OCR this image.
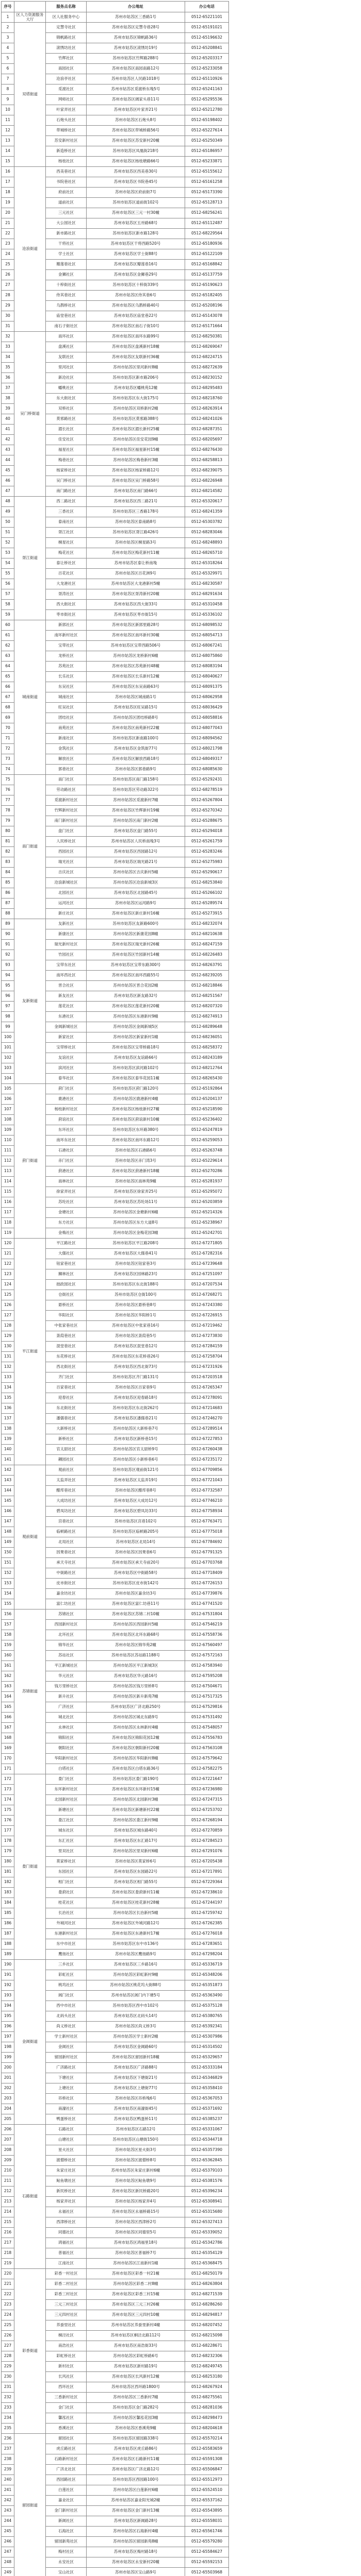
序号		服务点名称	办公地址	办公电话
1	区人力资源服务大厅	区人社服务中心	苏州市姑苏区三香路1号	0512-65221101
2	双塔街道	定慧寺社区	苏州市姑苏区定慧寺巷28号	0512-65191021
3		锦帆路社区	苏州市姑苏区锦帆路36号	0512-65196632
4		滚绣坊社区	苏州市姑苏区滚绣坊19号	0512-65208841
5		竹辉社区	苏州市姑苏区竹辉路288号	0512-65203317
6		南园社区	苏州市姑苏区南园南路12号	0512-65233058
7		沧浪亭社区	苏州市姑苏区人民路1018号	0512-65110926
8		觅渡社区	苏州市姑苏区觅渡桥东堍5号	0512-65241163
9		网师社区	苏州市姑苏区阔家头巷11号	0512-65295536
10		叶家弄社区	苏州市姑苏区叶家弄21号	0512-65212780
11		石炮头社区	苏州市姑苏区石炮头8号	0512-65198402
12		带城桥社区	苏州市姑苏区带城桥路56号	0512-65227614
13		苏安新村社区	苏州市姑苏区苏安新村20幢	0512-65250349
14		新造桥社区	苏州市姑苏区凤凰街218号	0512-65186957
15		杨枝社区	苏州市姑苏区杨枝塘路66号	0512-65233871
16	沧浪街道	西美巷社区	苏州市姑苏区西美巷30号	0512-65155612
17		书院巷社区	苏州市姑苏区书院巷45号	0512-65161258
18		府前社区	苏州市姑苏区府前街7号	0512-65173390
19		道前社区	苏州市姑苏区道前街102号	0512-65128713
20		三元社区	苏州市姑苏区三元一村30幢	0512-68256241
21		大公园社区	苏州市姑苏区五卅路68号	0512-65112487
22		新市路社区	苏州市姑苏区新市路128号	0512-68229564
23		干将社区	苏州市姑苏区干将西路520号	0512-65180936
24		学士社区	苏州市姑苏区学士街88号	0512-65122109
25		瓣莲巷社区	苏州市姑苏区瓣莲巷16号	0512-65168842
26		金狮社区	苏州市姑苏区金狮巷29号	0512-65137759
27		十梓街社区	苏州市姑苏区十梓街339号	0512-65190623
28		侍其巷社区	苏州市姑苏区侍其巷6号	0512-65182405
29		乌鹊桥社区	苏州市姑苏区乌鹊桥路40号	0512-65208196
30		庙堂巷社区	苏州市姑苏区庙堂巷22号	0512-65143078
31		南石子街社区	苏州市姑苏区南石子街10号	0512-65171664
32	吴门桥街道	南环社区	苏州市姑苏区南环东路99号	0512-68250381
33		盘溪社区	苏州市姑苏区盘溪新村18幢	0512-68269047
34		友联社区	苏州市姑苏区友联新村36幢	0512-68224715
35		里河社区	苏州市姑苏区里河新村8幢	0512-68272639
36		新沧社区	苏州市姑苏区新市路206号	0512-68230152
37		蟠桃社区	苏州市姑苏区蟠桃苑12幢	0512-68295483
38		东大街社区	苏州市姑苏区东大街175号	0512-68218760
39		双桥社区	苏州市姑苏区双桥新村2幢	0512-68263914
40		莫邪路社区	苏州市姑苏区莫邪路388号	0512-68241026
41		湄长社区	苏州市姑苏区湄长新村25幢	0512-68287351
42		佳安社区	苏州市姑苏区佳安花园9幢	0512-68205697
43		福星社区	苏州市姑苏区福星新村15幢	0512-68276430
44		梅巷社区	苏州市姑苏区梅巷新村3幢	0512-68258813
45		杨家桥社区	苏州市姑苏区杨家桥路12号	0512-68239075
46		吴门桥社区	苏州市姑苏区吴门桥路58号	0512-68226948
47		南门路社区	苏州市姑苏区南门路66号	0512-68214582
48	胥江街道	西二路社区	苏州市姑苏区西二路21号	0512-65320617
49		三香社区	苏州市姑苏区三香路178号	0512-68241359
50		泰南社区	苏州市姑苏区泰南路8号	0512-65303782
51		胥江社区	苏州市姑苏区胥江路426号	0512-68283046
52		桐星社区	苏州市姑苏区桐星路3号	0512-68248893
53		梅花社区	苏州市姑苏区梅花新村11幢	0512-68265710
54		泰让桥社区	苏州市姑苏区泰让桥南堍	0512-65318264
55		百花社区	苏州市姑苏区百花洲9号	0512-65329971
56		大龙港社区	苏州市姑苏区大龙港新村5幢	0512-68230587
57		胥涛社区	苏州市姑苏区胥涛新村20幢	0512-68291634
58		西大街社区	苏州市姑苏区西大街33号	0512-65310458
59		枣市街社区	苏州市姑苏区枣市街15号	0512-65336102
60	城南街道	新郭社区	苏州市姑苏区新郭里路28号	0512-68098532
61		南环新村社区	苏州市姑苏区南环新村30幢	0512-68054713
62		宝带社区	苏州市姑苏区宝带西路506号	0512-68067241
63		龙桥社区	苏州市姑苏区龙桥新村6幢	0512-68075860
64		苏苑社区	苏州市姑苏区苏苑新村48幢	0512-68083194
65		长乐社区	苏州市姑苏区长乐新村12幢	0512-68040627
66		东吴社区	苏州市姑苏区东吴南路63号	0512-68091375
67		城南社区	苏州市姑苏区城南路1号	0512-68062958
68		旺吴社区	苏州市姑苏区旺吴路15号	0512-68036429
69		团结社区	苏州市姑苏区团结桥路8号	0512-68058816
70		南苑社区	苏州市姑苏区南苑新村22幢	0512-68077043
71		新南社区	苏州市姑苏区新南路100号	0512-68094562
72		金筑社区	苏州市姑苏区金筑街77号	0512-68021798
73		解放社区	苏州市姑苏区解放西路18号	0512-68049317
74		郭巷社区	苏州市姑苏区郭巷路9号	0512-68085630
75	南门街道	南门社区	苏州市姑苏区南门路158号	0512-65292431
76		劳动路社区	苏州市姑苏区劳动路322号	0512-68278519
77		觅渡新村社区	苏州市姑苏区觅渡新村7幢	0512-65267804
78		竹辉新村社区	苏州市姑苏区竹辉新村19幢	0512-65270342
79		南门新村社区	苏州市姑苏区南门新村2幢	0512-65288675
80		盘门社区	苏州市姑苏区盘门路55号	0512-65294018
81		人民桥社区	苏州市姑苏区人民桥南堍3号	0512-65261759
82		西园社区	苏州市姑苏区西园路12号	0512-65283246
83		瑞光社区	苏州市姑苏区瑞光路21号	0512-65275983
84		吉庆社区	苏州市姑苏区吉庆新村5幢	0512-65290617
85		沧浪新城社区	苏州市姑苏区沧浪新城3区	0512-68253840
86		北园社区	苏州市姑苏区北园路45号	0512-65266102
87		运河社区	苏州市姑苏区运河路9号	0512-65289574
88		新庄社区	苏州市姑苏区新庄新村16幢	0512-65273915
89	友新街道	友新社区	苏州市姑苏区友新路600号	0512-68232074
90		新康社区	苏州市姑苏区新康花园8幢	0512-68210638
91		瑞光新村社区	苏州市姑苏区瑞光新村26幢	0512-68247159
92		竹园社区	苏州市姑苏区竹园新村14幢	0512-68226483
93		宝带东社区	苏州市姑苏区宝带东路300号	0512-68263791
94		南环西社区	苏州市姑苏区南环西路55号	0512-68239205
95		晋合社区	苏州市姑苏区晋合花园2幢	0512-68218846
96		新友社区	苏州市姑苏区新友路32号	0512-68251567
97		莲花社区	苏州市姑苏区莲花新村20幢	0512-68207320
98		东港社区	苏州市姑苏区东港新村9幢	0512-68274913
99		金阊新城社区	苏州市姑苏区金阊新城5区	0512-68289648
100		新家社区	苏州市姑苏区新家新村1幢	0512-68236051
101		宝带桥社区	苏州市姑苏区宝带桥路18号	0512-68258372
102		友谊社区	苏州市姑苏区友谊路66号	0512-68243189
103		滨河社区	苏州市姑苏区滨河路102号	0512-68212764
104		泰华社区	苏州市姑苏区泰华花园11幢	0512-68265430
105	葑门街道	葑门社区	苏州市姑苏区葑门路120号	0512-65192864
106		鹿港社区	苏州市姑苏区鹿港新村4幢	0512-65204137
107		杨枝新村社区	苏州市姑苏区杨枝新村27幢	0512-65218590
108		葑谊社区	苏州市姑苏区葑谊新村10幢	0512-65236402
109		东环社区	苏州市姑苏区东环路380号	0512-65247819
110		南环东社区	苏州市姑苏区南环东路12号	0512-65259053
111		石港社区	苏州市姑苏区石港路6号	0512-65263748
112		赤门社区	苏州市姑苏区赤门湾3号	0512-65229614
113		葑港社区	苏州市姑苏区葑港新村18幢	0512-65270286
114		南林社区	苏州市姑苏区南林苑9幢	0512-65281937
115		徐家弄社区	苏州市姑苏区徐家弄25号	0512-65295072
116		苏纶社区	苏州市姑苏区苏纶场11号	0512-65203859
117		金塘社区	苏州市姑苏区金塘新村6幢	0512-65214326
118		东方社区	苏州市姑苏区东方大道8号	0512-65238967
119		金梅社区	苏州市姑苏区金梅花园3幢	0512-65242701
120	平江街道	平江路社区	苏州市姑苏区平江路208号	0512-67271805
121		大儒社区	苏州市姑苏区大儒巷41号	0512-67282316
122		钮家巷社区	苏州市姑苏区钮家巷3号	0512-67239648
123		狮林社区	苏州市姑苏区园林路23号	0512-67251097
124		拙政园社区	苏州市姑苏区东北街188号	0512-67207534
125		仓街社区	苏州市姑苏区仓街100号	0512-67268271
126		悬桥社区	苏州市姑苏区悬桥巷8号	0512-67243380
127		华阳社区	苏州市姑苏区华阳桥1号	0512-67226915
128		中张家巷社区	苏州市姑苏区中张家巷16号	0512-67219462
129		菉葭巷社区	苏州市姑苏区菉葭巷5号	0512-67273830
130		混堂巷社区	苏州市姑苏区混堂巷12号	0512-67284159
131		东花桥社区	苏州市姑苏区东花桥巷26号	0512-67258704
132		西北街社区	苏州市姑苏区西北街73号	0512-67231926
133		齐门社区	苏州市姑苏区齐门路131号	0512-67203518
134		百家巷社区	苏州市姑苏区百家巷9号	0512-67265347
135		迎春社区	苏州市姑苏区迎春路18号	0512-67278091
136		东北街社区	苏州市姑苏区东北街262号	0512-67214683
137		潘儒巷社区	苏州市姑苏区潘儒巷21号	0512-67246270
138		大新桥社区	苏州市姑苏区大新桥巷7号	0512-67289514
139		新桥社区	苏州市姑苏区新桥巷15号	0512-67227853
140		官太尉社区	苏州市姑苏区官太尉桥9号	0512-67260438
141		耦园社区	苏州市姑苏区小新桥巷6号	0512-67235172
142	观前街道	观前社区	苏州市姑苏区观前街121号	0512-67709856
143		太监弄社区	苏州市姑苏区太监弄19号	0512-67721043
144		醋库巷社区	苏州市姑苏区醋库巷8号	0512-67732587
145		大成坊社区	苏州市姑苏区大成坊12号	0512-67746210
146		碧凤坊社区	苏州市姑苏区碧凤坊33号	0512-67758934
147		宫巷社区	苏州市姑苏区宫巷102号	0512-67763471
148		临顿路社区	苏州市姑苏区临顿路205号	0512-67775018
149		北局社区	苏州市姑苏区北局14号	0512-67784692
150		因果巷社区	苏州市姑苏区因果巷6号	0512-67791325
151		承天寺社区	苏州市姑苏区承天寺前20号	0512-67703768
152		中街路社区	苏州市姑苏区中街路58号	0512-67718409
153		皮市街社区	苏州市姑苏区皮市街142号	0512-67726153
154		嘉余坊社区	苏州市姑苏区嘉余坊3号	0512-67739876
155		富仁坊社区	苏州市姑苏区富仁坊巷11号	0512-67741520
156	苏锦街道	苏锦社区	苏州市姑苏区苏锦二村10幢	0512-67531804
157		西园新村社区	苏州市姑苏区西园新村5幢	0512-67546219
158		北环社区	苏州市姑苏区北环东路68号	0512-67558736
159		锦华社区	苏州市姑苏区锦华苑2幢	0512-67560497
160		苏站社区	苏州市姑苏区苏站路1188号	0512-67572163
161		平江新城社区	苏州市姑苏区平江新城3区	0512-67583940
162		华元社区	苏州市姑苏区华元路16号	0512-67595208
163		钱万里桥社区	苏州市姑苏区钱万里桥8号	0512-67504671
164		新升社区	苏州市姑苏区新升新苑7幢	0512-67517325
165		广济社区	苏州市姑苏区广济北路250号	0512-67529816
166		城北社区	苏州市姑苏区城北东路9号	0512-67531492
167		永林社区	苏州市姑苏区永林新村4幢	0512-67548057
168		锦阳社区	苏州市姑苏区锦阳花园12幢	0512-67556783
169		朝阳社区	苏州市姑苏区朝阳新村20幢	0512-67563108
170		华阳新村社区	苏州市姑苏区华阳新村8幢	0512-67579642
171		白塔社区	苏州市姑苏区白塔东路36号	0512-67582275
172	娄门街道	娄门社区	苏州市姑苏区娄门路190号	0512-67221647
173		东环新村社区	苏州市姑苏区东环新村15幢	0512-67236980
174		北园新村社区	苏州市姑苏区北园新村3幢	0512-67247315
175		新塘社区	苏州市姑苏区新塘新村22幢	0512-67253702
176		娄江社区	苏州市姑苏区娄江新村9幢	0512-67268194
177		城东社区	苏州市姑苏区城东路40号	0512-67270859
178		东汇社区	苏州市姑苏区东汇路17号	0512-67284523
179		里双社区	苏州市姑苏区里双新村6幢	0512-67291076
180		莫家桥社区	苏州市姑苏区莫家桥6号	0512-67205438
181		东园社区	苏州市姑苏区东园路22号	0512-67217891
182		相门社区	苏州市姑苏区相门路55号	0512-67229364
183		娄葑社区	苏州市姑苏区娄葑新村11幢	0512-67238610
184		桂花社区	苏州市姑苏区桂花新村28幢	0512-67244197
185		长治社区	苏州市姑苏区长治新村5幢	0512-67259742
186		外城河社区	苏州市姑苏区外城河路12号	0512-67262385
187		东港新村社区	苏州市姑苏区东港新村17幢	0512-67276018
188		东中市社区	苏州市姑苏区东中市136号	0512-67283651
189		鹰扬社区	苏州市姑苏区鹰扬路9号	0512-67298204
190	金阊街道	三乡社区	苏州市姑苏区三乡路16号	0512-65336719
191		彩虹社区	苏州市姑苏区彩虹新村9幢	0512-65348206
192		桃坞社区	苏州市姑苏区桃花坞大街88号	0512-65351873
193		阊门社区	苏州市姑苏区阊门内下塘5号	0512-65363490
194		西中市社区	苏州市姑苏区西中市102号	0512-65375128
195		北码头社区	苏州市姑苏区北码头14号	0512-65380765
196		尚义桥社区	苏州市姑苏区尚义桥3号	0512-65392341
197		学士新村社区	苏州市姑苏区学士新村2幢	0512-65307986
198		金阊社区	苏州市姑苏区金阊路60号	0512-65314502
199		留园新村社区	苏州市姑苏区留园新村18幢	0512-65329657
200		广济路社区	苏州市姑苏区广济路88号	0512-65333184
201		下塘社区	苏州市姑苏区下塘街21号	0512-65346829
202		上塘社区	苏州市姑苏区上塘街77号	0512-65358410
203		吊桥社区	苏州市姑苏区吊桥堍6号	0512-65367053
204		南濠社区	苏州市姑苏区南濠街45号	0512-65371692
205		鸭蛋桥社区	苏州市姑苏区鸭蛋桥11号	0512-65385237
206	石路街道	石路社区	苏州市姑苏区石路12号	0512-65331067
207		山塘社区	苏州市姑苏区山塘街150号	0512-65344718
208		星火社区	苏州市姑苏区星火街3号	0512-65357390
209		渡僧桥社区	苏州市姑苏区渡僧桥8号	0512-65362845
210		朱家庄社区	苏州市姑苏区朱家庄新村6幢	0512-65379103
211		鲇鱼墩社区	苏州市姑苏区鲇鱼墩9号	0512-65381576
212		新民桥社区	苏州市姑苏区新民桥路20号	0512-65396234
213		杨家弄社区	苏州市姑苏区杨家弄4号	0512-65308941
214		永福社区	苏州市姑苏区永福桥路15号	0512-65315680
215		西津桥社区	苏州市姑苏区西津桥2号	0512-65327413
216		同德社区	苏州市姑苏区同德里5号	0512-65339052
217		鸿福社区	苏州市姑苏区鸿福里18号	0512-65342786
218		普福社区	苏州市姑苏区普福桥7号	0512-65354129
219		江南社区	苏州市姑苏区江南新村1幢	0512-65368475
220	彩香街道	彩香一村社区	苏州市姑苏区彩香一村21幢	0512-68250179
221		彩香二村社区	苏州市姑苏区彩香二村8幢	0512-68263804
222		彩香三村社区	苏州市姑苏区彩香三村15幢	0512-68271539
223		三元三村社区	苏州市姑苏区三元三村26幢	0512-68286260
224		三元四村社区	苏州市姑苏区三元四村10幢	0512-68294817
225		养蚕里社区	苏州市姑苏区养蚕里新村4幢	0512-68207452
226		桐泾社区	苏州市姑苏区桐泾北路112号	0512-68215098
227		南浩社区	苏州市姑苏区南浩街33号	0512-68228671
228		彩虹桥社区	苏州市姑苏区彩虹桥路6号	0512-68232306
229		新村社区	苏州市姑苏区新村路19号	0512-68249745
230		长风社区	苏州市姑苏区长风新村12幢	0512-68253180
231		西环社区	苏州市姑苏区西环路1800号	0512-68267924
232		三香新村社区	苏州市姑苏区三香新村7幢	0512-68275561
233		金门社区	苏州市姑苏区金门路282号	0512-68281036
234		馨泓社区	苏州市姑苏区馨泓花园3幢	0512-68298473
235		香溪社区	苏州市姑苏区香溪苑9幢	0512-68204618
236	留园街道	留园社区	苏州市姑苏区留园路338号	0512-65570214
237		虎丘路社区	苏州市姑苏区虎丘路86号	0512-65583659
238		石路新村社区	苏州市姑苏区石路新村11幢	0512-65591308
239		广济北社区	苏州市姑苏区广济北路12号	0512-65506847
240		西园路社区	苏州市姑苏区西园路100号	0512-65512973
241		白莲社区	苏州市姑苏区白莲新村6幢	0512-65524510
242		嘉业社区	苏州市姑苏区嘉业阳光城2幢	0512-65537162
243		金门新村社区	苏州市姑苏区金门新村13幢	0512-65543895
244		新阊社区	苏州市姑苏区新阊路28号	0512-65558031
245		石海社区	苏州市姑苏区石海新村4幢	0512-65561746
246		留园新苑社区	苏州市姑苏区留园新苑8幢	0512-65579280
247		梅村社区	苏州市姑苏区梅村路18号	0512-65584627
248		永安社区	苏州市姑苏区永安新村20幢	0512-65592153
249		宝山社区	苏州市姑苏区宝山路9号	0512-65503968
